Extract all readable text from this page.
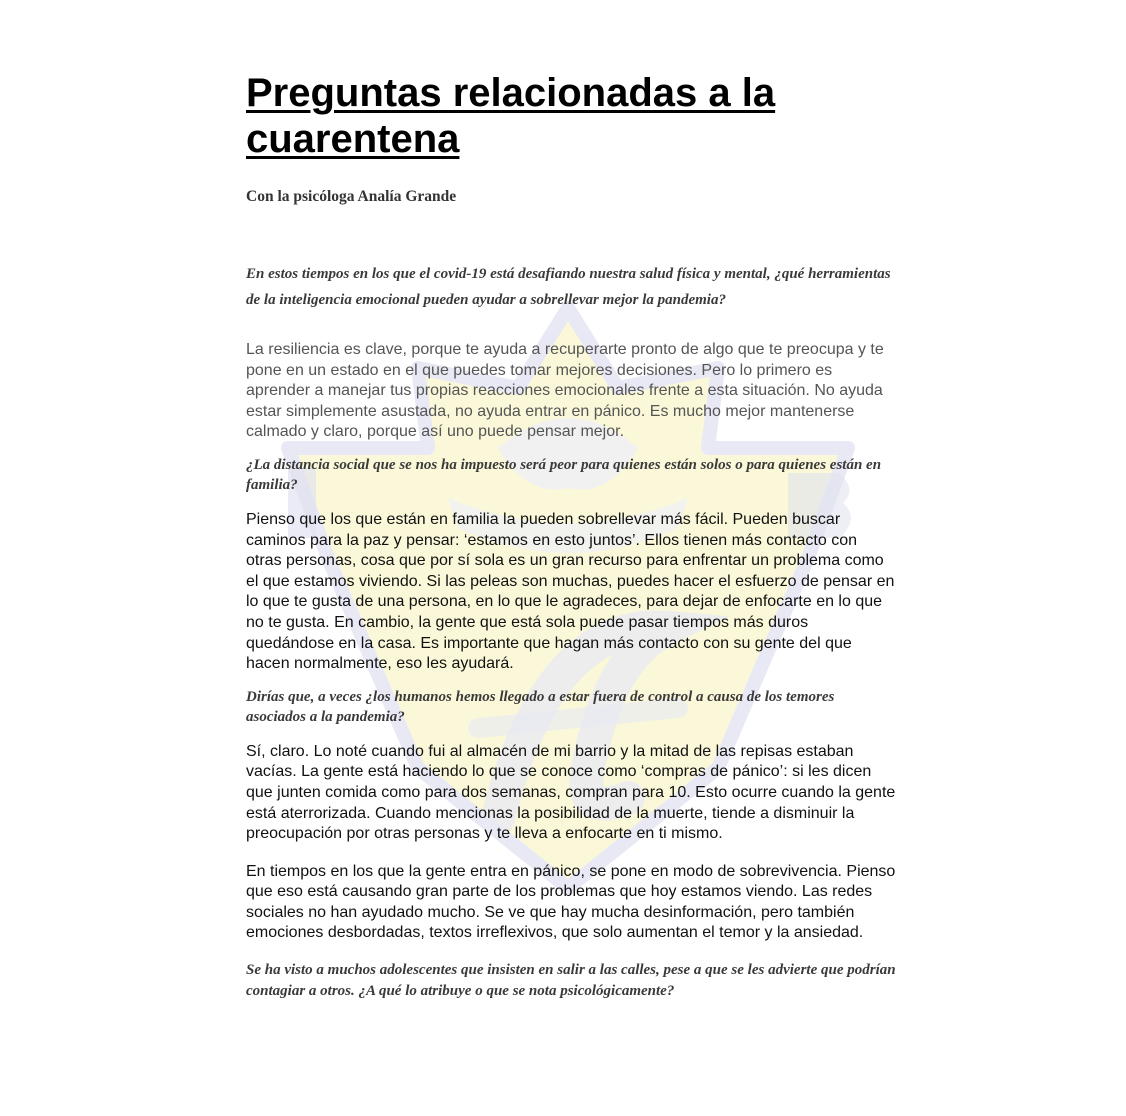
Preguntas relacionadas a la
cuarentena
Con la psicóloga Analía Grande

En estos tiempos en los que el covid-19 está desafiando nuestra salud física y mental, ¿qué herramientas de la inteligencia emocional pueden ayudar a sobrellevar mejor la pandemia?

La resiliencia es clave, porque te ayuda a recuperarte pronto de algo que te preocupa y te pone en un estado en el que puedes tomar mejores decisiones. Pero lo primero es aprender a manejar tus propias reacciones emocionales frente a esta situación. No ayuda estar simplemente asustada, no ayuda entrar en pánico. Es mucho mejor mantenerse calmado y claro, porque así uno puede pensar mejor.

¿La distancia social que se nos ha impuesto será peor para quienes están solos o para quienes están en familia?

Pienso que los que están en familia la pueden sobrellevar más fácil. Pueden buscar caminos para la paz y pensar: ‘estamos en esto juntos’. Ellos tienen más contacto con otras personas, cosa que por sí sola es un gran recurso para enfrentar un problema como el que estamos viviendo. Si las peleas son muchas, puedes hacer el esfuerzo de pensar en lo que te gusta de una persona, en lo que le agradeces, para dejar de enfocarte en lo que no te gusta. En cambio, la gente que está sola puede pasar tiempos más duros quedándose en la casa. Es importante que hagan más contacto con su gente del que hacen normalmente, eso les ayudará.

Dirías que, a veces ¿los humanos hemos llegado a estar fuera de control a causa de los temores asociados a la pandemia?

Sí, claro. Lo noté cuando fui al almacén de mi barrio y la mitad de las repisas estaban vacías. La gente está haciendo lo que se conoce como ‘compras de pánico’: si les dicen que junten comida como para dos semanas, compran para 10. Esto ocurre cuando la gente está aterrorizada. Cuando mencionas la posibilidad de la muerte, tiende a disminuir la preocupación por otras personas y te lleva a enfocarte en ti mismo.

En tiempos en los que la gente entra en pánico, se pone en modo de sobrevivencia. Pienso que eso está causando gran parte de los problemas que hoy estamos viendo. Las redes sociales no han ayudado mucho. Se ve que hay mucha desinformación, pero también emociones desbordadas, textos irreflexivos, que solo aumentan el temor y la ansiedad.

Se ha visto a muchos adolescentes que insisten en salir a las calles, pese a que se les advierte que podrían contagiar a otros. ¿A qué lo atribuye o que se nota psicológicamente?
